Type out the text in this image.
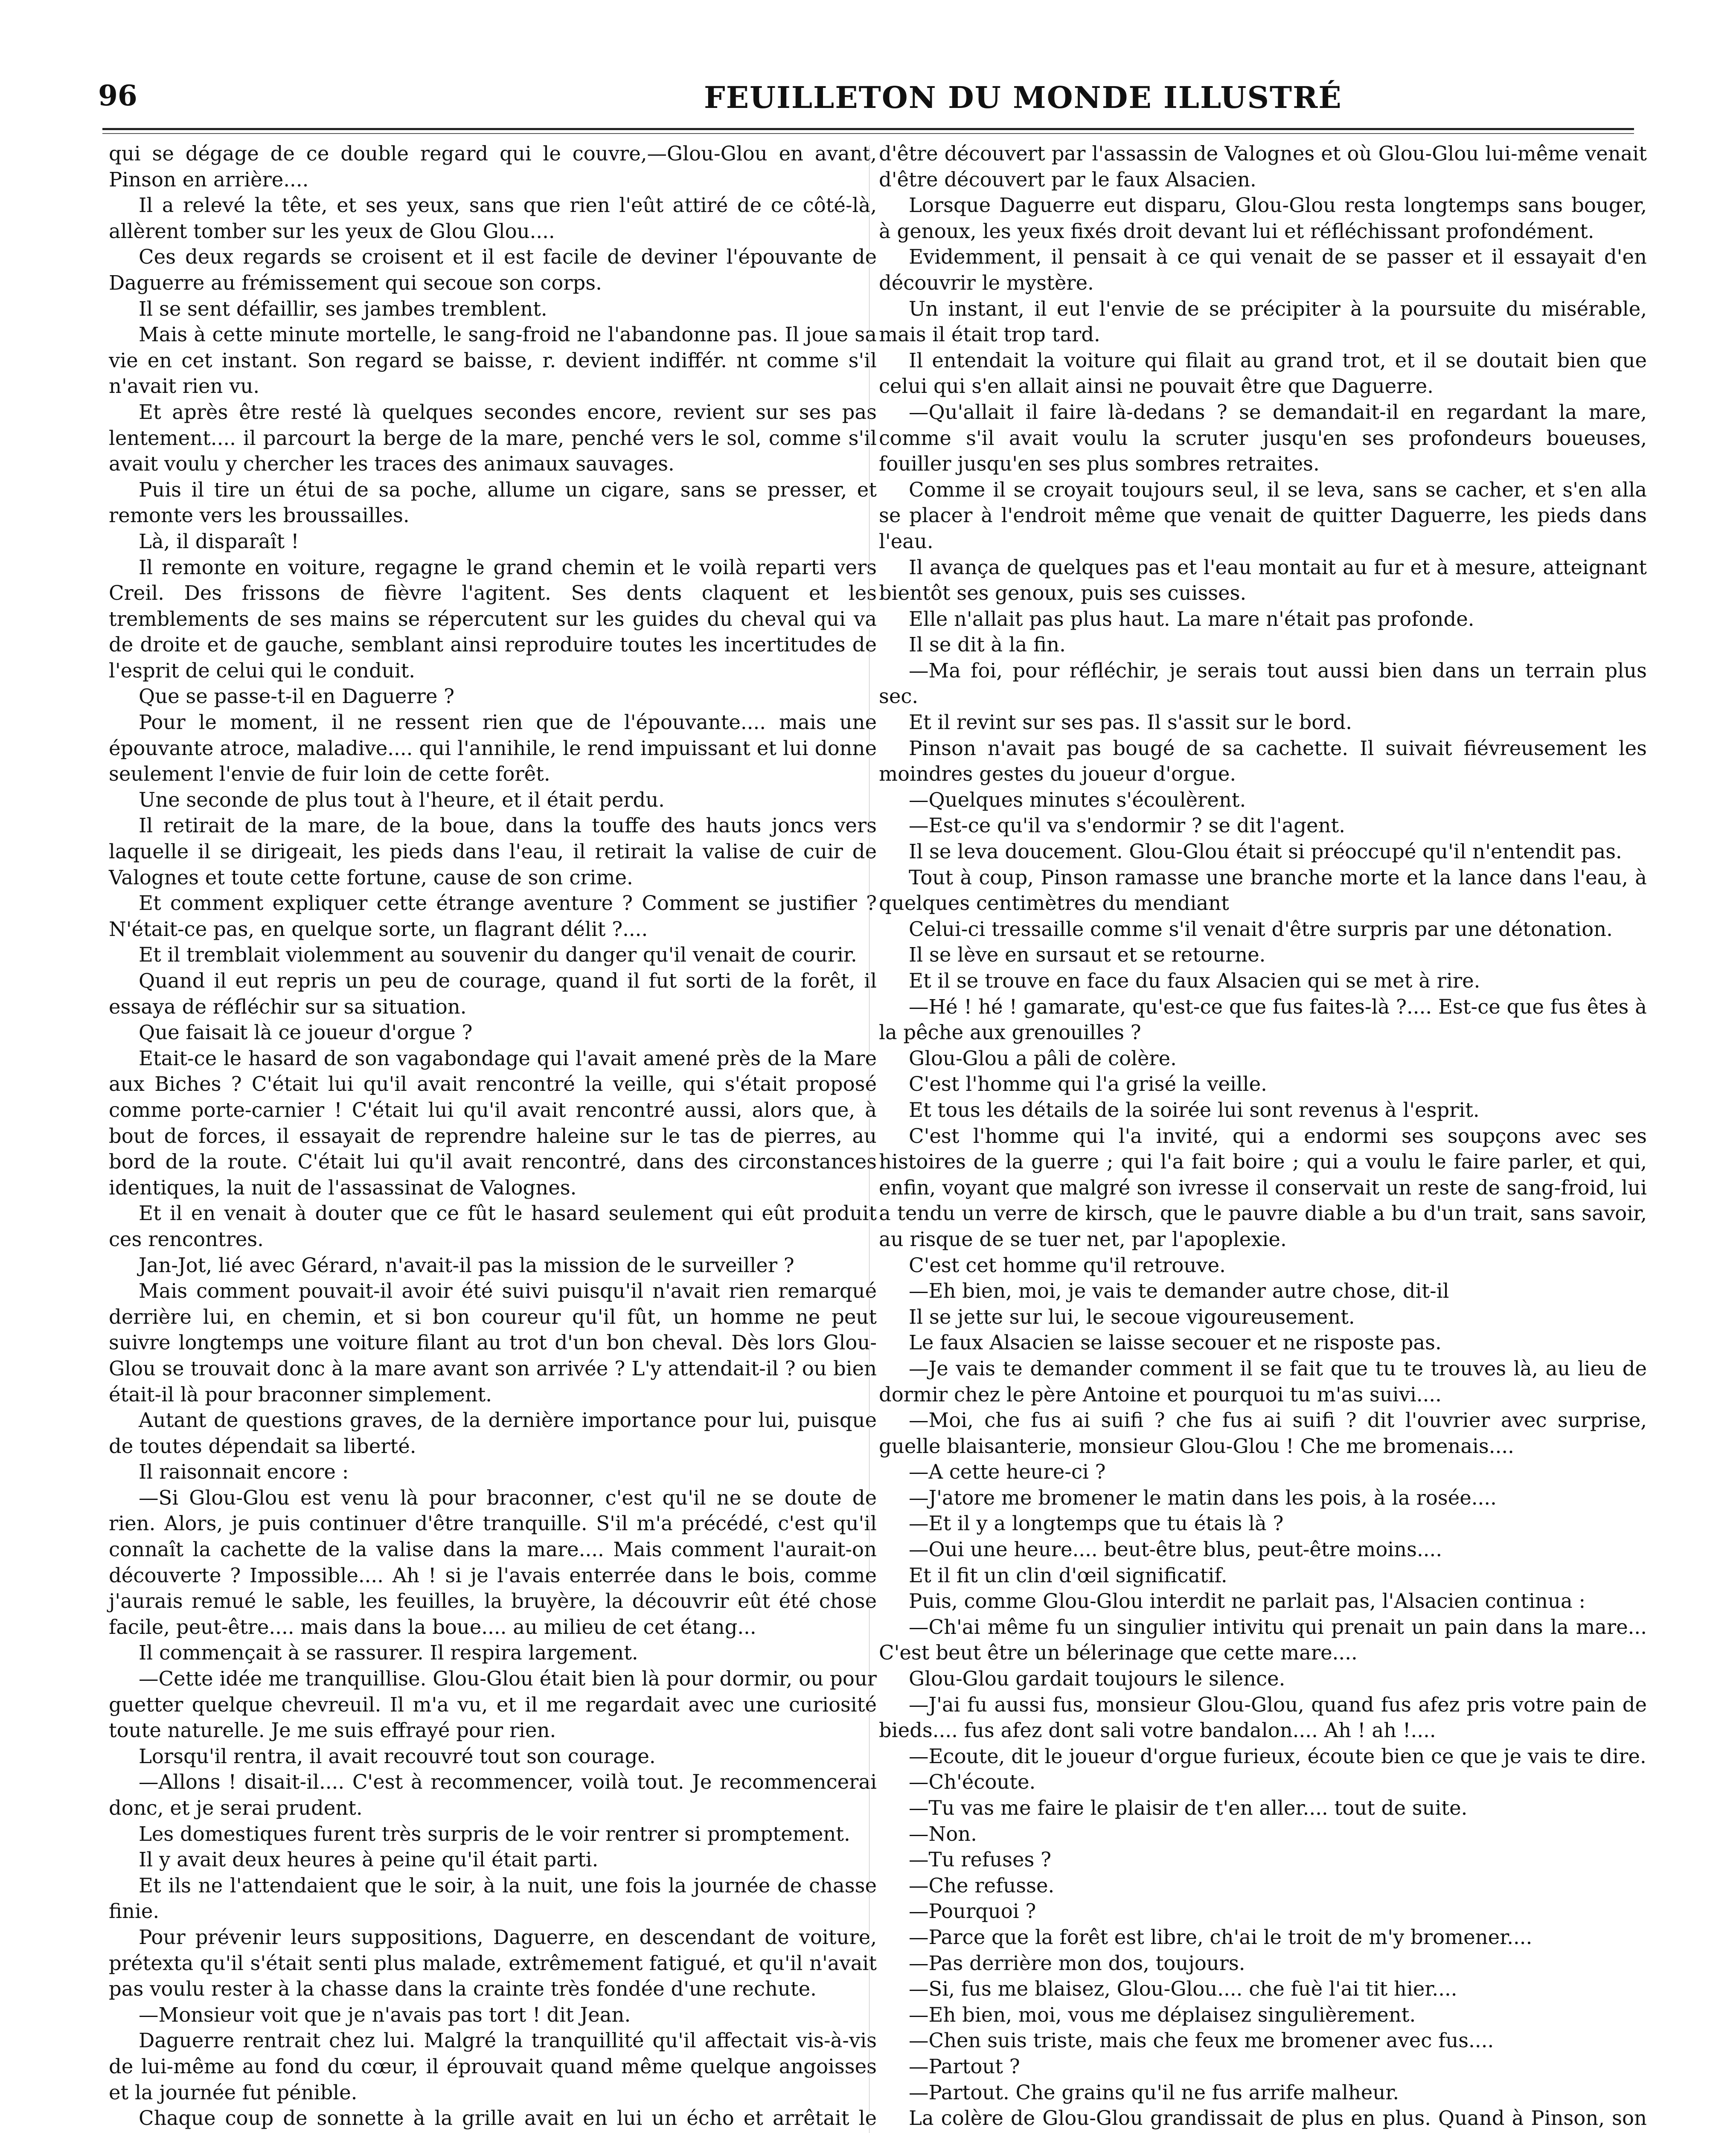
96	FEUILLETON DU MONDE ILLUSTRÉ

qui se dégage de ce double regard qui le couvre,—Glou-Glou en avant, Pinson en arrière....

Il a relevé la tête, et ses yeux, sans que rien l'eût attiré de ce côté-là, allèrent tomber sur les yeux de Glou Glou....

Ces deux regards se croisent et il est facile de deviner l'épouvante de Daguerre au frémissement qui secoue son corps.

Il se sent défaillir, ses jambes tremblent.

Mais à cette minute mortelle, le sang-froid ne l'abandonne pas. Il joue sa vie en cet instant. Son regard se baisse, r. devient indiffér. nt comme s'il n'avait rien vu.

Et après être resté là quelques secondes encore, revient sur ses pas lentement.... il parcourt la berge de la mare, penché vers le sol, comme s'il avait voulu y chercher les traces des animaux sauvages.

Puis il tire un étui de sa poche, allume un cigare, sans se presser, et remonte vers les broussailles.

Là, il disparaît !

Il remonte en voiture, regagne le grand chemin et le voilà reparti vers Creil. Des frissons de fièvre l'agitent. Ses dents claquent et les tremblements de ses mains se répercutent sur les guides du cheval qui va de droite et de gauche, semblant ainsi reproduire toutes les incertitudes de l'esprit de celui qui le conduit.

Que se passe-t-il en Daguerre ?

Pour le moment, il ne ressent rien que de l'épouvante.... mais une épouvante atroce, maladive.... qui l'annihile, le rend impuissant et lui donne seulement l'envie de fuir loin de cette forêt.

Une seconde de plus tout à l'heure, et il était perdu.

Il retirait de la mare, de la boue, dans la touffe des hauts joncs vers laquelle il se dirigeait, les pieds dans l'eau, il retirait la valise de cuir de Valognes et toute cette fortune, cause de son crime.

Et comment expliquer cette étrange aventure ? Comment se justifier ? N'était-ce pas, en quelque sorte, un flagrant délit ?....

Et il tremblait violemment au souvenir du danger qu'il venait de courir.

Quand il eut repris un peu de courage, quand il fut sorti de la forêt, il essaya de réfléchir sur sa situation.

Que faisait là ce joueur d'orgue ?

Etait-ce le hasard de son vagabondage qui l'avait amené près de la Mare aux Biches ? C'était lui qu'il avait rencontré la veille, qui s'était proposé comme porte-carnier ! C'était lui qu'il avait rencontré aussi, alors que, à bout de forces, il essayait de reprendre haleine sur le tas de pierres, au bord de la route. C'était lui qu'il avait rencontré, dans des circonstances identiques, la nuit de l'assassinat de Valognes.

Et il en venait à douter que ce fût le hasard seulement qui eût produit ces rencontres.

Jan-Jot, lié avec Gérard, n'avait-il pas la mission de le surveiller ?

Mais comment pouvait-il avoir été suivi puisqu'il n'avait rien remarqué derrière lui, en chemin, et si bon coureur qu'il fût, un homme ne peut suivre longtemps une voiture filant au trot d'un bon cheval. Dès lors Glou-Glou se trouvait donc à la mare avant son arrivée ? L'y attendait-il ? ou bien était-il là pour braconner simplement.

Autant de questions graves, de la dernière importance pour lui, puisque de toutes dépendait sa liberté.

Il raisonnait encore :

—Si Glou-Glou est venu là pour braconner, c'est qu'il ne se doute de rien. Alors, je puis continuer d'être tranquille. S'il m'a précédé, c'est qu'il connaît la cachette de la valise dans la mare.... Mais comment l'aurait-on découverte ? Impossible.... Ah ! si je l'avais enterrée dans le bois, comme j'aurais remué le sable, les feuilles, la bruyère, la découvrir eût été chose facile, peut-être.... mais dans la boue.... au milieu de cet étang...

Il commençait à se rassurer. Il respira largement.

—Cette idée me tranquillise. Glou-Glou était bien là pour dormir, ou pour guetter quelque chevreuil. Il m'a vu, et il me regardait avec une curiosité toute naturelle. Je me suis effrayé pour rien.

Lorsqu'il rentra, il avait recouvré tout son courage.

—Allons ! disait-il.... C'est à recommencer, voilà tout. Je recommencerai donc, et je serai prudent.

Les domestiques furent très surpris de le voir rentrer si promptement.

Il y avait deux heures à peine qu'il était parti.

Et ils ne l'attendaient que le soir, à la nuit, une fois la journée de chasse finie.

Pour prévenir leurs suppositions, Daguerre, en descendant de voiture, prétexta qu'il s'était senti plus malade, extrêmement fatigué, et qu'il n'avait pas voulu rester à la chasse dans la crainte très fondée d'une rechute.

—Monsieur voit que je n'avais pas tort ! dit Jean.

Daguerre rentrait chez lui. Malgré la tranquillité qu'il affectait vis-à-vis de lui-même au fond du cœur, il éprouvait quand même quelque angoisses et la journée fut pénible.

Chaque coup de sonnette à la grille avait en lui un écho et arrêtait le

d'être découvert par l'assassin de Valognes et où Glou-Glou lui-même venait d'être découvert par le faux Alsacien.

Lorsque Daguerre eut disparu, Glou-Glou resta longtemps sans bouger, à genoux, les yeux fixés droit devant lui et réfléchissant profondément.

Evidemment, il pensait à ce qui venait de se passer et il essayait d'en découvrir le mystère.

Un instant, il eut l'envie de se précipiter à la poursuite du misérable, mais il était trop tard.

Il entendait la voiture qui filait au grand trot, et il se doutait bien que celui qui s'en allait ainsi ne pouvait être que Daguerre.

—Qu'allait il faire là-dedans ? se demandait-il en regardant la mare, comme s'il avait voulu la scruter jusqu'en ses profondeurs boueuses, fouiller jusqu'en ses plus sombres retraites.

Comme il se croyait toujours seul, il se leva, sans se cacher, et s'en alla se placer à l'endroit même que venait de quitter Daguerre, les pieds dans l'eau.

Il avança de quelques pas et l'eau montait au fur et à mesure, atteignant bientôt ses genoux, puis ses cuisses.

Elle n'allait pas plus haut. La mare n'était pas profonde.

Il se dit à la fin.

—Ma foi, pour réfléchir, je serais tout aussi bien dans un terrain plus sec.

Et il revint sur ses pas. Il s'assit sur le bord.

Pinson n'avait pas bougé de sa cachette. Il suivait fiévreusement les moindres gestes du joueur d'orgue.

—Quelques minutes s'écoulèrent.

—Est-ce qu'il va s'endormir ? se dit l'agent.

Il se leva doucement. Glou-Glou était si préoccupé qu'il n'entendit pas.

Tout à coup, Pinson ramasse une branche morte et la lance dans l'eau, à quelques centimètres du mendiant

Celui-ci tressaille comme s'il venait d'être surpris par une détonation.

Il se lève en sursaut et se retourne.

Et il se trouve en face du faux Alsacien qui se met à rire.

—Hé ! hé ! gamarate, qu'est-ce que fus faites-là ?.... Est-ce que fus êtes à la pêche aux grenouilles ?

Glou-Glou a pâli de colère.

C'est l'homme qui l'a grisé la veille.

Et tous les détails de la soirée lui sont revenus à l'esprit.

C'est l'homme qui l'a invité, qui a endormi ses soupçons avec ses histoires de la guerre ; qui l'a fait boire ; qui a voulu le faire parler, et qui, enfin, voyant que malgré son ivresse il conservait un reste de sang-froid, lui a tendu un verre de kirsch, que le pauvre diable a bu d'un trait, sans savoir, au risque de se tuer net, par l'apoplexie.

C'est cet homme qu'il retrouve.

—Eh bien, moi, je vais te demander autre chose, dit-il

Il se jette sur lui, le secoue vigoureusement.

Le faux Alsacien se laisse secouer et ne risposte pas.

—Je vais te demander comment il se fait que tu te trouves là, au lieu de dormir chez le père Antoine et pourquoi tu m'as suivi....

—Moi, che fus ai suifi ? che fus ai suifi ? dit l'ouvrier avec surprise, guelle blaisanterie, monsieur Glou-Glou ! Che me bromenais....

—A cette heure-ci ?

—J'atore me bromener le matin dans les pois, à la rosée....

—Et il y a longtemps que tu étais là ?

—Oui une heure.... beut-être blus, peut-être moins....

Et il fit un clin d'œil significatif.

Puis, comme Glou-Glou interdit ne parlait pas, l'Alsacien continua :

—Ch'ai même fu un singulier intivitu qui prenait un pain dans la mare... C'est beut être un bélerinage que cette mare....

Glou-Glou gardait toujours le silence.

—J'ai fu aussi fus, monsieur Glou-Glou, quand fus afez pris votre pain de bieds.... fus afez dont sali votre bandalon.... Ah ! ah !....

—Ecoute, dit le joueur d'orgue furieux, écoute bien ce que je vais te dire.

—Ch'écoute.

—Tu vas me faire le plaisir de t'en aller.... tout de suite.

—Non.

—Tu refuses ?

—Che refusse.

—Pourquoi ?

—Parce que la forêt est libre, ch'ai le troit de m'y bromener....

—Pas derrière mon dos, toujours.

—Si, fus me blaisez, Glou-Glou.... che fuè l'ai tit hier....

—Eh bien, moi, vous me déplaisez singulièrement.

—Chen suis triste, mais che feux me bromener avec fus....

—Partout ?

—Partout. Che grains qu'il ne fus arrife malheur.

La colère de Glou-Glou grandissait de plus en plus. Quand à Pinson, son
